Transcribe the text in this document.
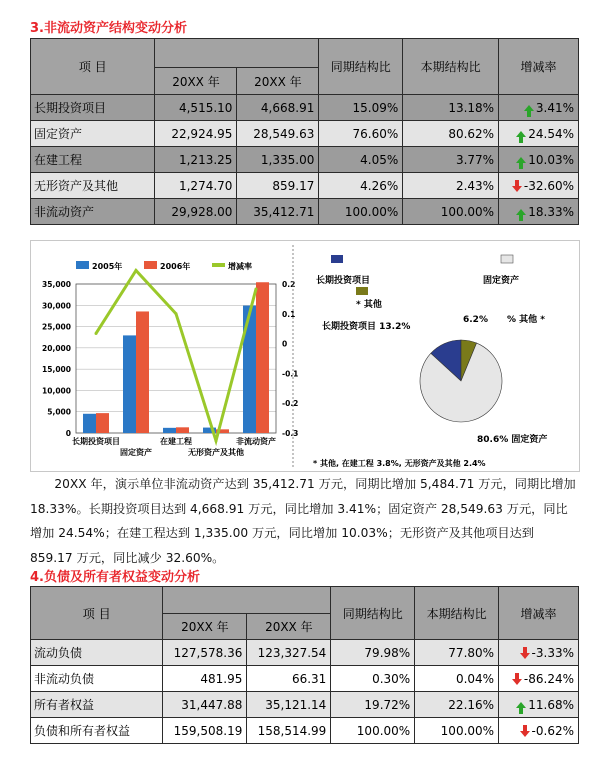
3.非流动资产结构变动分析
项 目			同期结构比	本期结构比	增减率
	20XX 年	20XX 年			
长期投资项目	4,515.10	4,668.91	15.09%	13.18%	3.41%
固定资产	22,924.95	28,549.63	76.60%	80.62%	24.54%
在建工程	1,213.25	1,335.00	4.05%	3.77%	10.03%
无形资产及其他	1,274.70	859.17	4.26%	2.43%	-32.60%
非流动资产	29,928.00	35,412.71	100.00%	100.00%	18.33%
2005年	2006年	增减率
0
5,000
10,000
15,000
20,000
25,000
30,000
35,000
-0.3
-0.2
-0.1
0
0.1
0.2
长期投资项目
固定资产
在建工程
无形资产及其他
非流动资产
长期投资项目	固定资产
* 其他
长期投资项目 13.2%
6.2% % 其他 *
80.6% 固定资产
* 其他, 在建工程 3.8%, 无形资产及其他 2.4%
20XX 年，演示单位非流动资产达到 35,412.71 万元，同期比增加 5,484.71 万元，同期比增加 18.33%。长期投资项目达到 4,668.91 万元，同比增加 3.41%；固定资产 28,549.63 万元，同比增加 24.54%；在建工程达到 1,335.00 万元，同比增加 10.03%；无形资产及其他项目达到 859.17 万元，同比减少 32.60%。
4.负债及所有者权益变动分析
项 目			同期结构比	本期结构比	增减率
	20XX 年	20XX 年			
流动负债	127,578.36	123,327.54	79.98%	77.80%	-3.33%
非流动负债	481.95	66.31	0.30%	0.04%	-86.24%
所有者权益	31,447.88	35,121.14	19.72%	22.16%	11.68%
负债和所有者权益	159,508.19	158,514.99	100.00%	100.00%	-0.62%
